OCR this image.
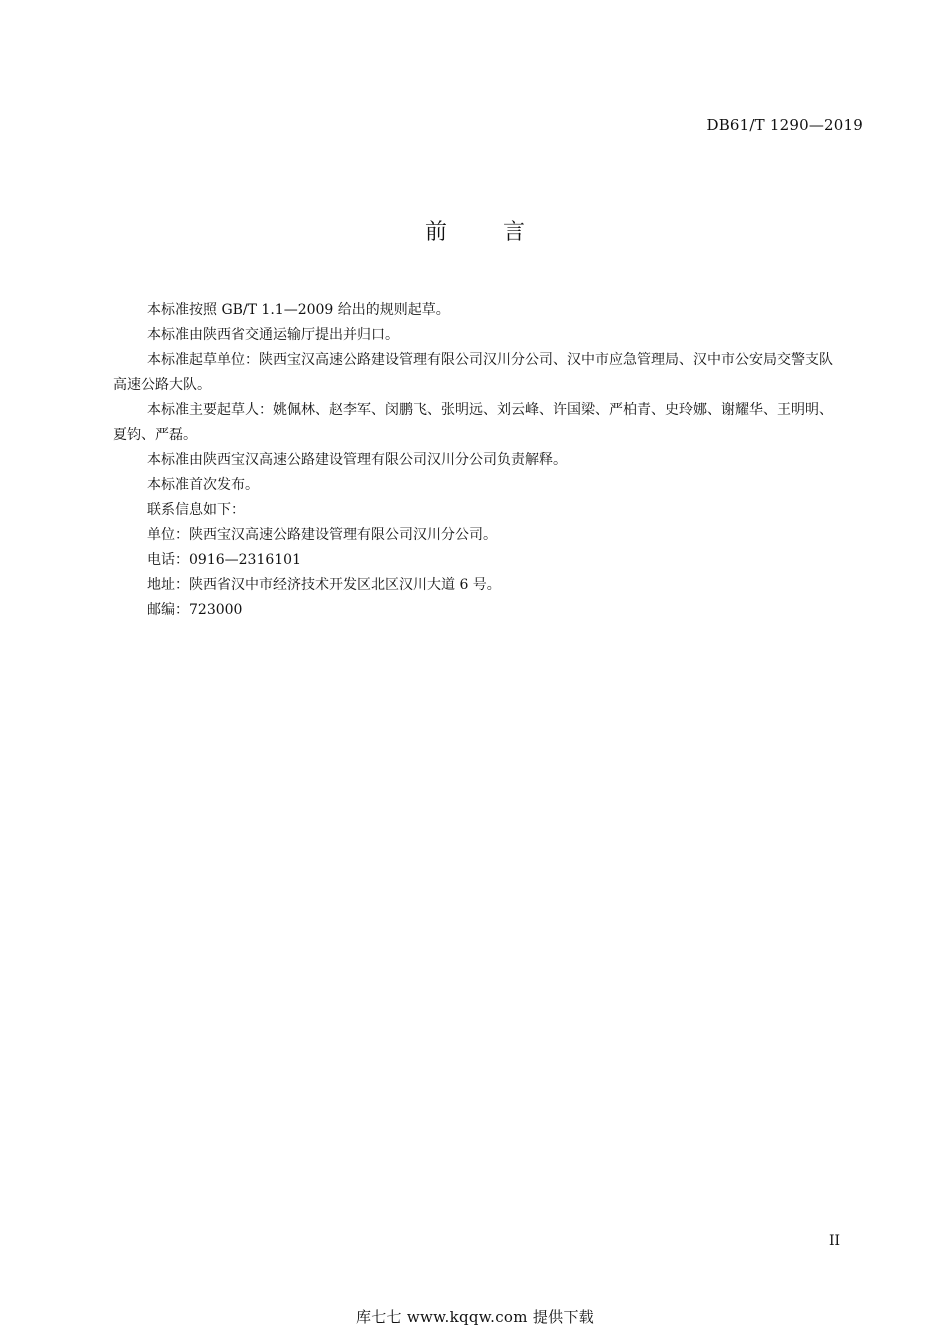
DB61/T 1290—2019
前言

本标准按照 GB/T 1.1—2009 给出的规则起草。

本标准由陕西省交通运输厅提出并归口。

本标准起草单位：陕西宝汉高速公路建设管理有限公司汉川分公司、汉中市应急管理局、汉中市公安局交警支队高速公路大队。

本标准主要起草人：姚佩林、赵李军、闵鹏飞、张明远、刘云峰、许国梁、严柏青、史玲娜、谢耀华、王明明、夏钧、严磊。

本标准由陕西宝汉高速公路建设管理有限公司汉川分公司负责解释。

本标准首次发布。

联系信息如下：

单位：陕西宝汉高速公路建设管理有限公司汉川分公司。

电话：0916—2316101

地址：陕西省汉中市经济技术开发区北区汉川大道 6 号。

邮编：723000

II
库七七 www.kqqw.com 提供下载
